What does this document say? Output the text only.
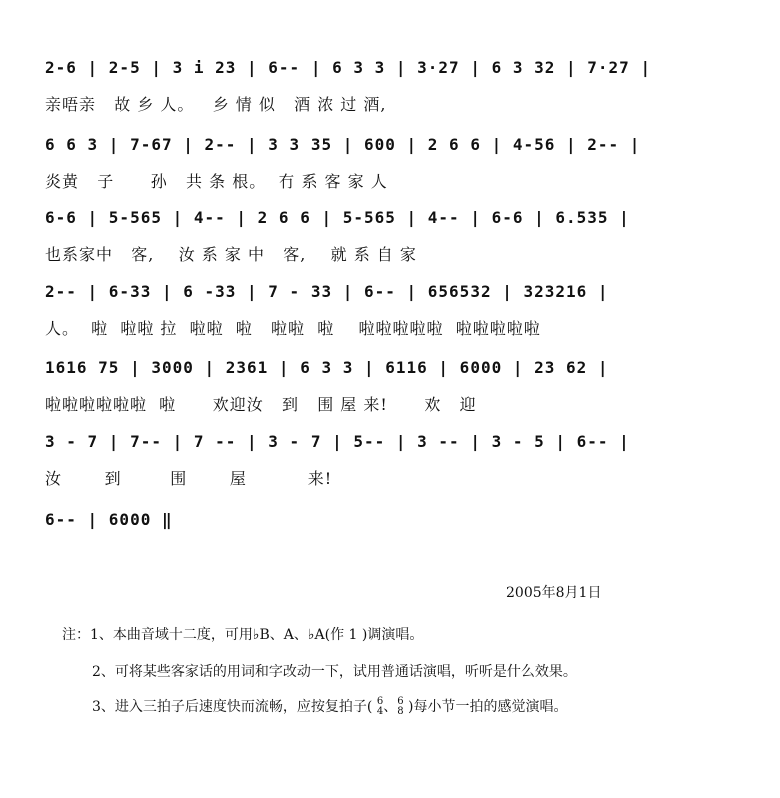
2-6 | 2-5 | 3 i 23 | 6-- | 6 3 3 | 3·27 | 6 3 32 | 7·27 |
亲唔亲   故 乡 人。   乡 情 似   酒 浓 过 酒,
6 6 3 | 7-67 | 2-- | 3 3 35 | 600 | 2 6 6 | 4-56 | 2-- |
炎黄   子      孙   共 条 根。  冇 系 客 家 人
6-6 | 5-565 | 4-- | 2 6 6 | 5-565 | 4-- | 6-6 | 6.535 |
也系家中   客,    汝 系 家 中   客,    就 系 自 家
2-- | 6-33 | 6 -33 | 7 - 33 | 6-- | 656532 | 323216 |
人。  啦  啦啦 拉  啦啦  啦   啦啦  啦    啦啦啦啦啦  啦啦啦啦啦
1616 75 | 3000 | 2361 | 6 3 3 | 6116 | 6000 | 23 62 |
啦啦啦啦啦啦  啦      欢迎汝   到   围 屋 来!      欢   迎
3 - 7 | 7-- | 7 -- | 3 - 7 | 5-- | 3 -- | 3 - 5 | 6-- |
汝       到        围       屋          来!
6-- | 6000 ‖
2005年8月1日
注：1、本曲音域十二度，可用♭B、A、♭A(作 1 )调演唱。
2、可将某些客家话的用词和字改动一下，试用普通话演唱，听听是什么效果。
3、进入三拍子后速度快而流畅，应按复拍子( 6
4 、 6
8 )每小节一拍的感觉演唱。
